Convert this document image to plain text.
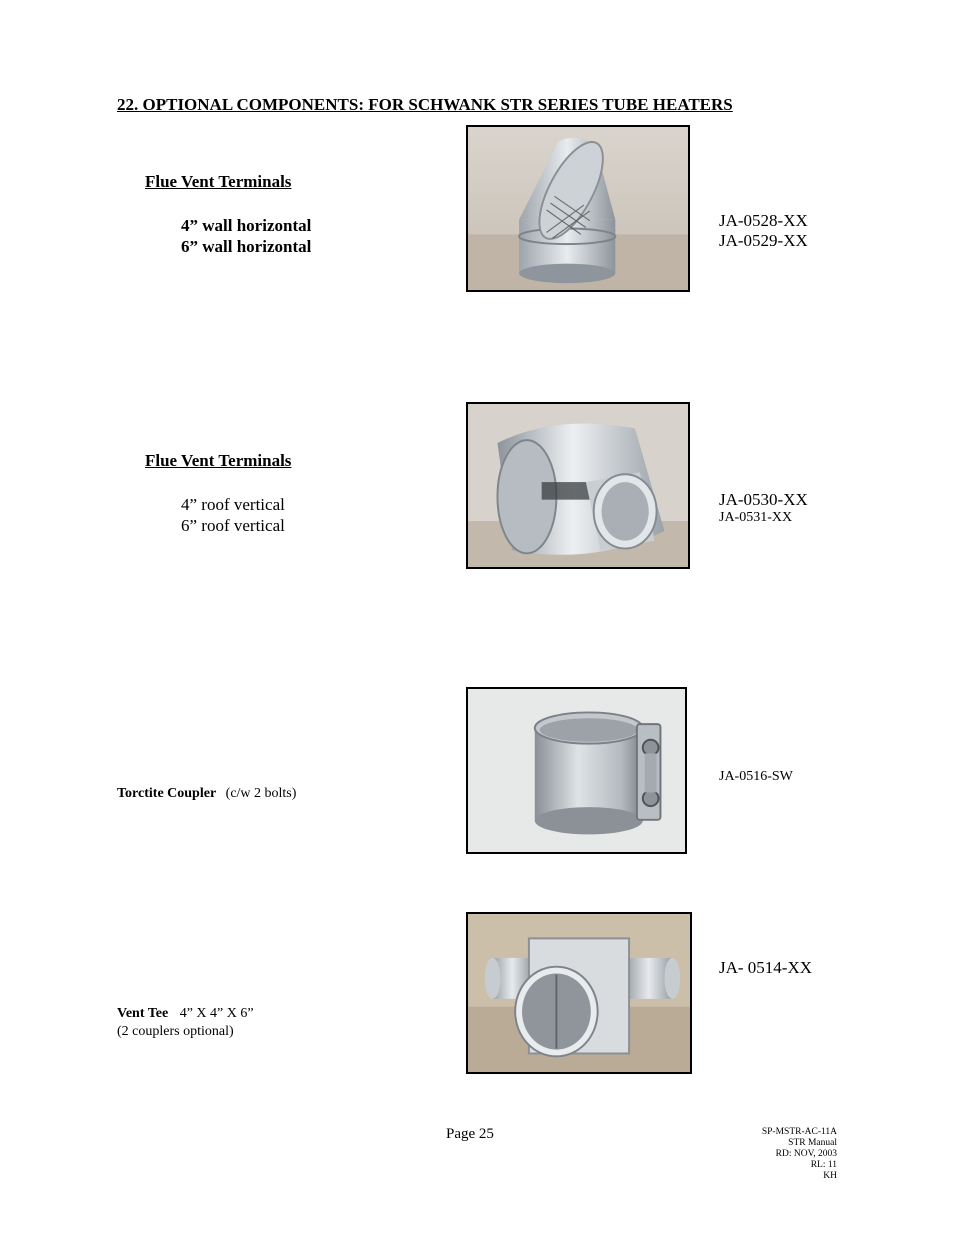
22. OPTIONAL COMPONENTS: FOR SCHWANK STR SERIES TUBE HEATERS
Flue Vent Terminals
4” wall horizontal
6” wall horizontal
JA-0528-XX
JA-0529-XX
Flue Vent Terminals
4” roof vertical
6” roof vertical
JA-0530-XX
JA-0531-XX
Torctite Coupler (c/w 2 bolts)
JA-0516-SW
Vent Tee 4” X 4” X 6”
(2 couplers optional)
JA- 0514-XX
Page 25	SP-MSTR-AC-11A
STR Manual
RD: NOV, 2003
RL: 11
KH
